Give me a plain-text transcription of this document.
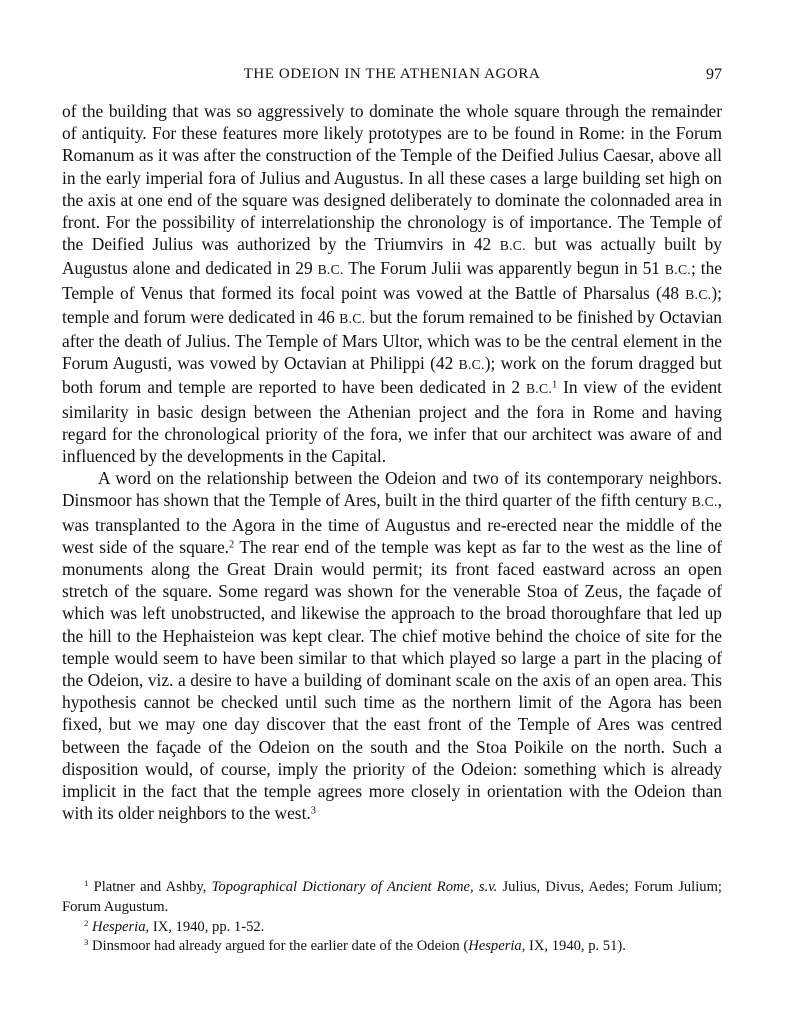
THE ODEION IN THE ATHENIAN AGORA	97

of the building that was so aggressively to dominate the whole square through the remainder of antiquity. For these features more likely prototypes are to be found in Rome: in the Forum Romanum as it was after the construction of the Temple of the Deified Julius Caesar, above all in the early imperial fora of Julius and Augustus. In all these cases a large building set high on the axis at one end of the square was designed deliberately to dominate the colonnaded area in front. For the possibility of interrelationship the chronology is of importance. The Temple of the Deified Julius was authorized by the Triumvirs in 42 B.C. but was actually built by Augustus alone and dedicated in 29 B.C. The Forum Julii was apparently begun in 51 B.C.; the Temple of Venus that formed its focal point was vowed at the Battle of Pharsalus (48 B.C.); temple and forum were dedicated in 46 B.C. but the forum remained to be finished by Octavian after the death of Julius. The Temple of Mars Ultor, which was to be the central element in the Forum Augusti, was vowed by Octavian at Philippi (42 B.C.); work on the forum dragged but both forum and temple are reported to have been dedicated in 2 B.C.$^1$ In view of the evident similarity in basic design between the Athenian project and the fora in Rome and having regard for the chronological priority of the fora, we infer that our architect was aware of and influenced by the developments in the Capital.

A word on the relationship between the Odeion and two of its contemporary neighbors. Dinsmoor has shown that the Temple of Ares, built in the third quarter of the fifth century B.C., was transplanted to the Agora in the time of Augustus and re-erected near the middle of the west side of the square.$^2$ The rear end of the temple was kept as far to the west as the line of monuments along the Great Drain would permit; its front faced eastward across an open stretch of the square. Some regard was shown for the venerable Stoa of Zeus, the façade of which was left unobstructed, and likewise the approach to the broad thoroughfare that led up the hill to the Hephaisteion was kept clear. The chief motive behind the choice of site for the temple would seem to have been similar to that which played so large a part in the placing of the Odeion, viz. a desire to have a building of dominant scale on the axis of an open area. This hypothesis cannot be checked until such time as the northern limit of the Agora has been fixed, but we may one day discover that the east front of the Temple of Ares was centred between the façade of the Odeion on the south and the Stoa Poikile on the north. Such a disposition would, of course, imply the priority of the Odeion: something which is already implicit in the fact that the temple agrees more closely in orientation with the Odeion than with its older neighbors to the west.$^3$

$^1$ Platner and Ashby, Topographical Dictionary of Ancient Rome, s.v. Julius, Divus, Aedes; Forum Julium; Forum Augustum.

$^2$ Hesperia, IX, 1940, pp. 1-52.

$^3$ Dinsmoor had already argued for the earlier date of the Odeion (Hesperia, IX, 1940, p. 51).
